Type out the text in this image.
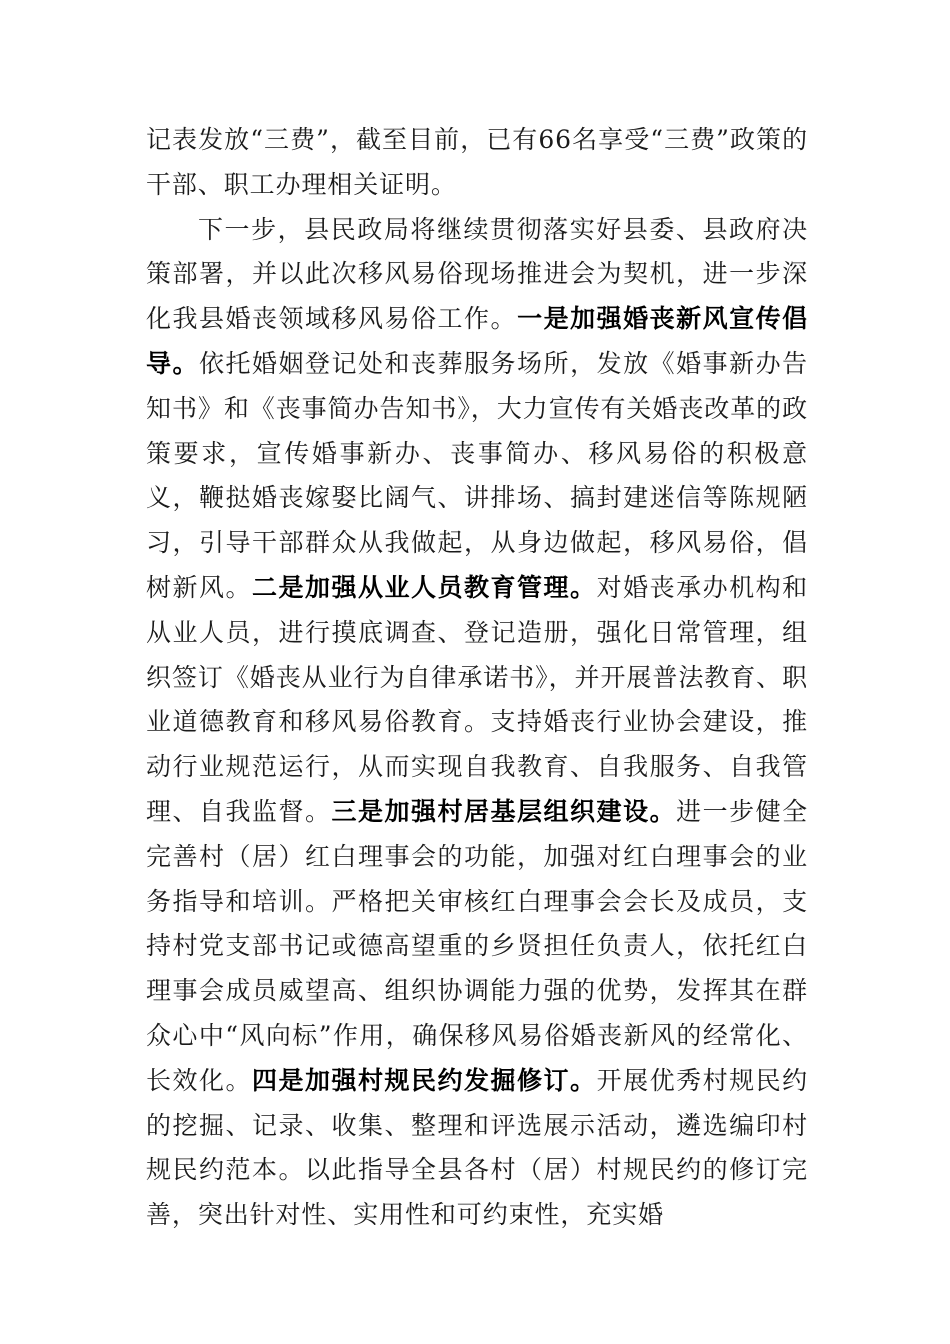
记表发放“三费”，截至目前，已有66名享受“三费”政策的干部、职工办理相关证明。

下一步，县民政局将继续贯彻落实好县委、县政府决策部署，并以此次移风易俗现场推进会为契机，进一步深化我县婚丧领域移风易俗工作。一是加强婚丧新风宣传倡导。依托婚姻登记处和丧葬服务场所，发放《婚事新办告知书》和《丧事简办告知书》，大力宣传有关婚丧改革的政策要求，宣传婚事新办、丧事简办、移风易俗的积极意义，鞭挞婚丧嫁娶比阔气、讲排场、搞封建迷信等陈规陋习，引导干部群众从我做起，从身边做起，移风易俗，倡树新风。二是加强从业人员教育管理。对婚丧承办机构和从业人员，进行摸底调查、登记造册，强化日常管理，组织签订《婚丧从业行为自律承诺书》，并开展普法教育、职业道德教育和移风易俗教育。支持婚丧行业协会建设，推动行业规范运行，从而实现自我教育、自我服务、自我管理、自我监督。三是加强村居基层组织建设。进一步健全完善村（居）红白理事会的功能，加强对红白理事会的业务指导和培训。严格把关审核红白理事会会长及成员，支持村党支部书记或德高望重的乡贤担任负责人，依托红白理事会成员威望高、组织协调能力强的优势，发挥其在群众心中“风向标”作用，确保移风易俗婚丧新风的经常化、长效化。四是加强村规民约发掘修订。开展优秀村规民约的挖掘、记录、收集、整理和评选展示活动，遴选编印村规民约范本。以此指导全县各村（居）村规民约的修订完善，突出针对性、实用性和可约束性，充实婚
